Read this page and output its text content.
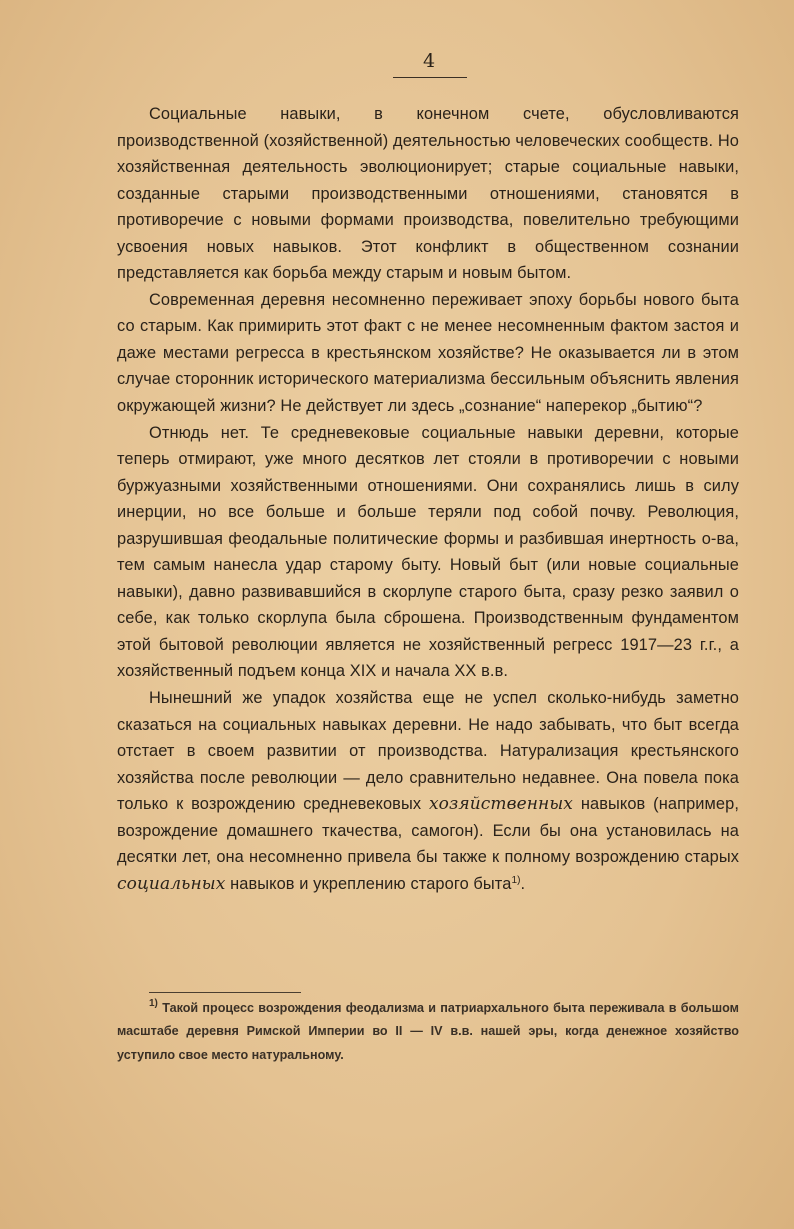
4

Социальные навыки, в конечном счете, обусловливаются производственной (хозяйственной) деятельностью человеческих сообществ. Но хозяйственная деятельность эволюционирует; старые социальные навыки, созданные старыми производственными отношениями, становятся в противоречие с новыми формами производства, повелительно требующими усвоения новых навыков. Этот конфликт в общественном сознании представляется как борьба между старым и новым бытом.

Современная деревня несомненно переживает эпоху борьбы нового быта со старым. Как примирить этот факт с не менее несомненным фактом застоя и даже местами регресса в крестьянском хозяйстве? Не оказывается ли в этом случае сторонник исторического материализма бессильным объяснить явления окружающей жизни? Не действует ли здесь „сознание“ наперекор „бытию“?

Отнюдь нет. Те средневековые социальные навыки деревни, которые теперь отмирают, уже много десятков лет стояли в противоречии с новыми буржуазными хозяйственными отношениями. Они сохранялись лишь в силу инерции, но все больше и больше теряли под собой почву. Революция, разрушившая феодальные политические формы и разбившая инертность о-ва, тем самым нанесла удар старому быту. Новый быт (или новые социальные навыки), давно развивавшийся в скорлупе старого быта, сразу резко заявил о себе, как только скорлупа была сброшена. Производственным фундаментом этой бытовой революции является не хозяйственный регресс 1917—23 г.г., а хозяйственный подъем конца XIX и начала XX в.в.

Нынешний же упадок хозяйства еще не успел сколько-нибудь заметно сказаться на социальных навыках деревни. Не надо забывать, что быт всегда отстает в своем развитии от производства. Натурализация крестьянского хозяйства после революции — дело сравнительно недавнее. Она повела пока только к возрождению средневековых хозяйственных навыков (например, возрождение домашнего ткачества, самогон). Если бы она установилась на десятки лет, она несомненно привела бы также к полному возрождению старых социальных навыков и укреплению старого быта$^{1)}$.

$^{1)}$ Такой процесс возрождения феодализма и патриархального быта переживала в большом масштабе деревня Римской Империи во II — IV в.в. нашей эры, когда денежное хозяйство уступило свое место натуральному.
